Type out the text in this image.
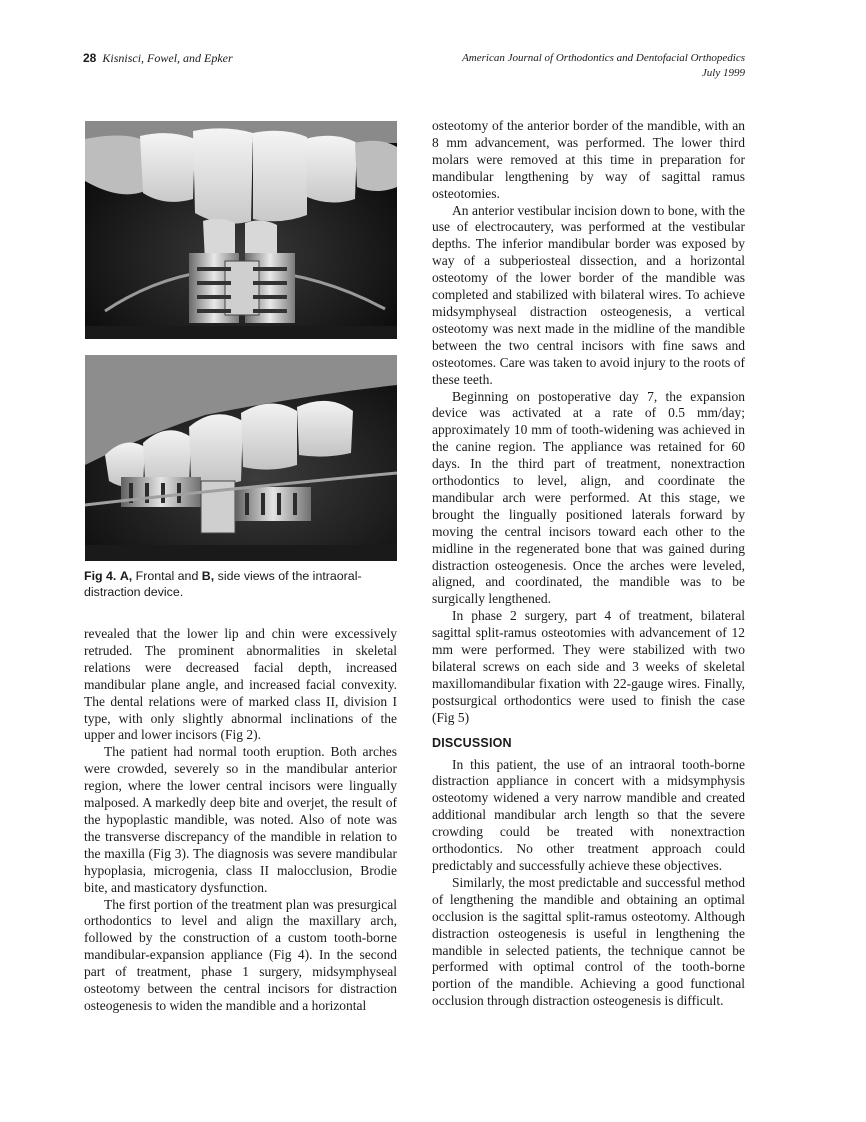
28 Kisnisci, Fowel, and Epker	American Journal of Orthodontics and Dentofacial Orthopedics
July 1999
Fig 4. A, Frontal and B, side views of the intraoral-distraction device.

revealed that the lower lip and chin were excessively retruded. The prominent abnormalities in skeletal relations were decreased facial depth, increased mandibular plane angle, and increased facial convexity. The dental relations were of marked class II, division I type, with only slightly abnormal inclinations of the upper and lower incisors (Fig 2).

The patient had normal tooth eruption. Both arches were crowded, severely so in the mandibular anterior region, where the lower central incisors were lingually malposed. A markedly deep bite and overjet, the result of the hypoplastic mandible, was noted. Also of note was the transverse discrepancy of the mandible in relation to the maxilla (Fig 3). The diagnosis was severe mandibular hypoplasia, microgenia, class II malocclusion, Brodie bite, and masticatory dysfunction.

The first portion of the treatment plan was presurgical orthodontics to level and align the maxillary arch, followed by the construction of a custom tooth-borne mandibular-expansion appliance (Fig 4). In the second part of treatment, phase 1 surgery, midsymphyseal osteotomy between the central incisors for distraction osteogenesis to widen the mandible and a horizontal

osteotomy of the anterior border of the mandible, with an 8 mm advancement, was performed. The lower third molars were removed at this time in preparation for mandibular lengthening by way of sagittal ramus osteotomies.

An anterior vestibular incision down to bone, with the use of electrocautery, was performed at the vestibular depths. The inferior mandibular border was exposed by way of a subperiosteal dissection, and a horizontal osteotomy of the lower border of the mandible was completed and stabilized with bilateral wires. To achieve midsymphyseal distraction osteogenesis, a vertical osteotomy was next made in the midline of the mandible between the two central incisors with fine saws and osteotomes. Care was taken to avoid injury to the roots of these teeth.

Beginning on postoperative day 7, the expansion device was activated at a rate of 0.5 mm/day; approximately 10 mm of tooth-widening was achieved in the canine region. The appliance was retained for 60 days. In the third part of treatment, nonextraction orthodontics to level, align, and coordinate the mandibular arch were performed. At this stage, we brought the lingually positioned laterals forward by moving the central incisors toward each other to the midline in the regenerated bone that was gained during distraction osteogenesis. Once the arches were leveled, aligned, and coordinated, the mandible was to be surgically lengthened.

In phase 2 surgery, part 4 of treatment, bilateral sagittal split-ramus osteotomies with advancement of 12 mm were performed. They were stabilized with two bilateral screws on each side and 3 weeks of skeletal maxillomandibular fixation with 22-gauge wires. Finally, postsurgical orthodontics were used to finish the case (Fig 5)

DISCUSSION

In this patient, the use of an intraoral tooth-borne distraction appliance in concert with a midsymphysis osteotomy widened a very narrow mandible and created additional mandibular arch length so that the severe crowding could be treated with nonextraction orthodontics. No other treatment approach could predictably and successfully achieve these objectives.

Similarly, the most predictable and successful method of lengthening the mandible and obtaining an optimal occlusion is the sagittal split-ramus osteotomy. Although distraction osteogenesis is useful in lengthening the mandible in selected patients, the technique cannot be performed with optimal control of the tooth-borne portion of the mandible. Achieving a good functional occlusion through distraction osteogenesis is difficult.
